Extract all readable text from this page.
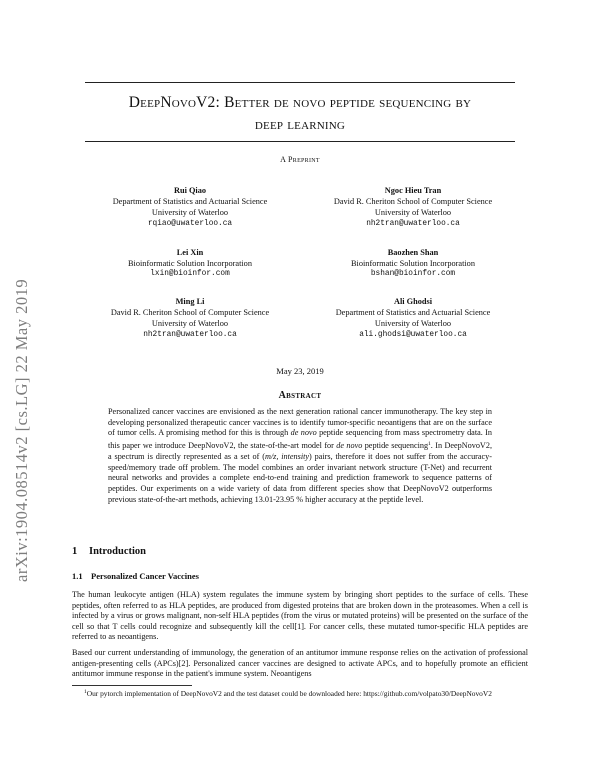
arXiv:1904.08514v2 [cs.LG] 22 May 2019
DeepNovoV2: Better de novo peptide sequencing by
deep learning
A Preprint
Rui Qiao
Department of Statistics and Actuarial Science
University of Waterloo
rqiao@uwaterloo.ca
Ngoc Hieu Tran
David R. Cheriton School of Computer Science
University of Waterloo
nh2tran@uwaterloo.ca
Lei Xin
Bioinformatic Solution Incorporation
lxin@bioinfor.com
Baozhen Shan
Bioinformatic Solution Incorporation
bshan@bioinfor.com
Ming Li
David R. Cheriton School of Computer Science
University of Waterloo
nh2tran@uwaterloo.ca
Ali Ghodsi
Department of Statistics and Actuarial Science
University of Waterloo
ali.ghodsi@uwaterloo.ca
May 23, 2019
Abstract

Personalized cancer vaccines are envisioned as the next generation rational cancer immunotherapy. The key step in developing personalized therapeutic cancer vaccines is to identify tumor-specific neoantigens that are on the surface of tumor cells. A promising method for this is through de novo peptide sequencing from mass spectrometry data. In this paper we introduce DeepNovoV2, the state-of-the-art model for de novo peptide sequencing$^1$. In DeepNovoV2, a spectrum is directly represented as a set of (m/z, intensity) pairs, therefore it does not suffer from the accuracy-speed/memory trade off problem. The model combines an order invariant network structure (T-Net) and recurrent neural networks and provides a complete end-to-end training and prediction framework to sequence patterns of peptides. Our experiments on a wide variety of data from different species show that DeepNovoV2 outperforms previous state-of-the-art methods, achieving 13.01-23.95 % higher accuracy at the peptide level.

1 Introduction
1.1 Personalized Cancer Vaccines

The human leukocyte antigen (HLA) system regulates the immune system by bringing short peptides to the surface of cells. These peptides, often referred to as HLA peptides, are produced from digested proteins that are broken down in the proteasomes. When a cell is infected by a virus or grows malignant, non-self HLA peptides (from the virus or mutated proteins) will be presented on the surface of the cell so that T cells could recognize and subsequently kill the cell[1]. For cancer cells, these mutated tumor-specific HLA peptides are referred to as neoantigens.

Based our current understanding of immunology, the generation of an antitumor immune response relies on the activation of professional antigen-presenting cells (APCs)[2]. Personalized cancer vaccines are designed to activate APCs, and to hopefully promote an efficient antitumor immune response in the patient's immune system. Neoantigens

$^1$Our pytorch implementation of DeepNovoV2 and the test dataset could be downloaded here: https://github.com/volpato30/DeepNovoV2
